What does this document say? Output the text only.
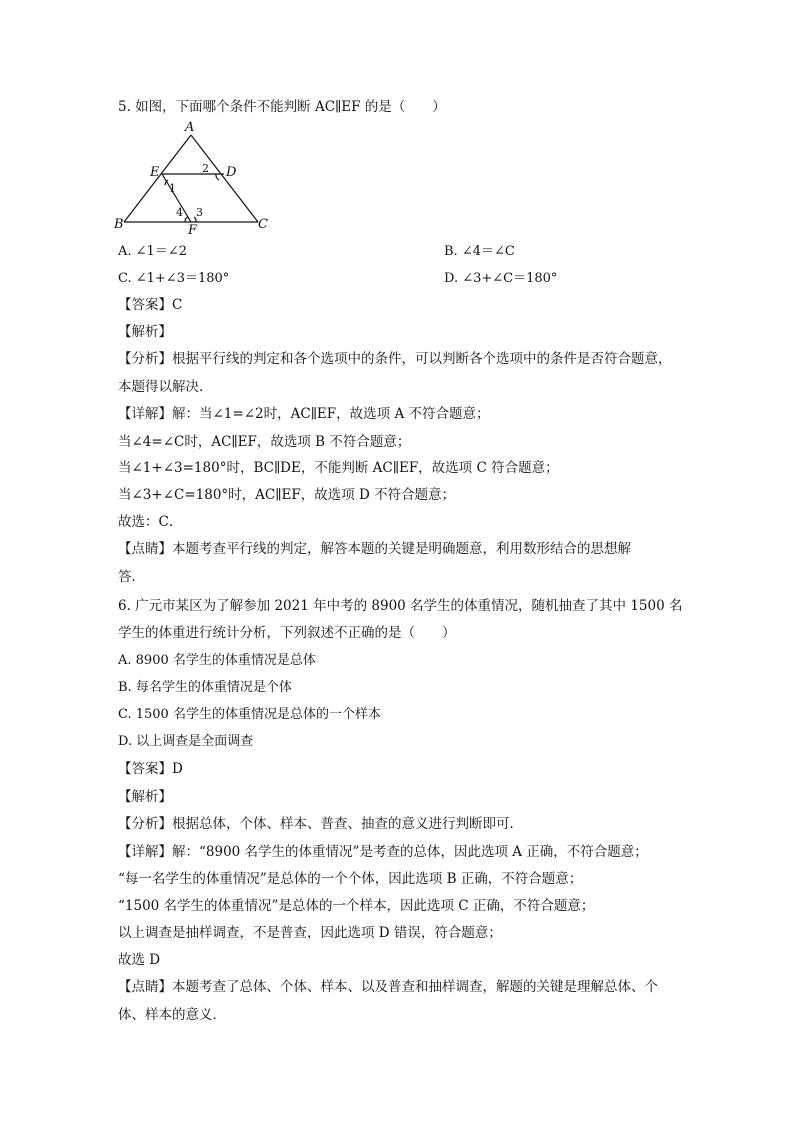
5. 如图，下面哪个条件不能判断 AC∥EF 的是（　　）
A
B	C
D
E
F
1
2
3
4
A. ∠1＝∠2	B. ∠4＝∠C
C. ∠1+∠3＝180°	D. ∠3+∠C＝180°
【答案】C
【解析】
【分析】根据平行线的判定和各个选项中的条件，可以判断各个选项中的条件是否符合题意，
本题得以解决．
【详解】解：当∠1=∠2时，AC∥EF，故选项 A 不符合题意；
当∠4=∠C时，AC∥EF，故选项 B 不符合题意；
当∠1+∠3=180°时，BC∥DE，不能判断 AC∥EF，故选项 C 符合题意；
当∠3+∠C=180°时，AC∥EF，故选项 D 不符合题意；
故选：C．
【点睛】本题考查平行线的判定，解答本题的关键是明确题意，利用数形结合的思想解
答．
6. 广元市某区为了解参加 2021 年中考的 8900 名学生的体重情况，随机抽查了其中 1500 名
学生的体重进行统计分析，下列叙述不正确的是（　　）
A. 8900 名学生的体重情况是总体
B. 每名学生的体重情况是个体
C. 1500 名学生的体重情况是总体的一个样本
D. 以上调查是全面调查
【答案】D
【解析】
【分析】根据总体，个体、样本、普查、抽查的意义进行判断即可．
【详解】解：“8900 名学生的体重情况”是考查的总体，因此选项 A 正确，不符合题意；
“每一名学生的体重情况”是总体的一个个体，因此选项 B 正确，不符合题意；
“1500 名学生的体重情况”是总体的一个样本，因此选项 C 正确，不符合题意；
以上调查是抽样调查，不是普查，因此选项 D 错误，符合题意；
故选 D
【点睛】本题考查了总体、个体、样本、以及普查和抽样调查，解题的关键是理解总体、个
体、样本的意义．
